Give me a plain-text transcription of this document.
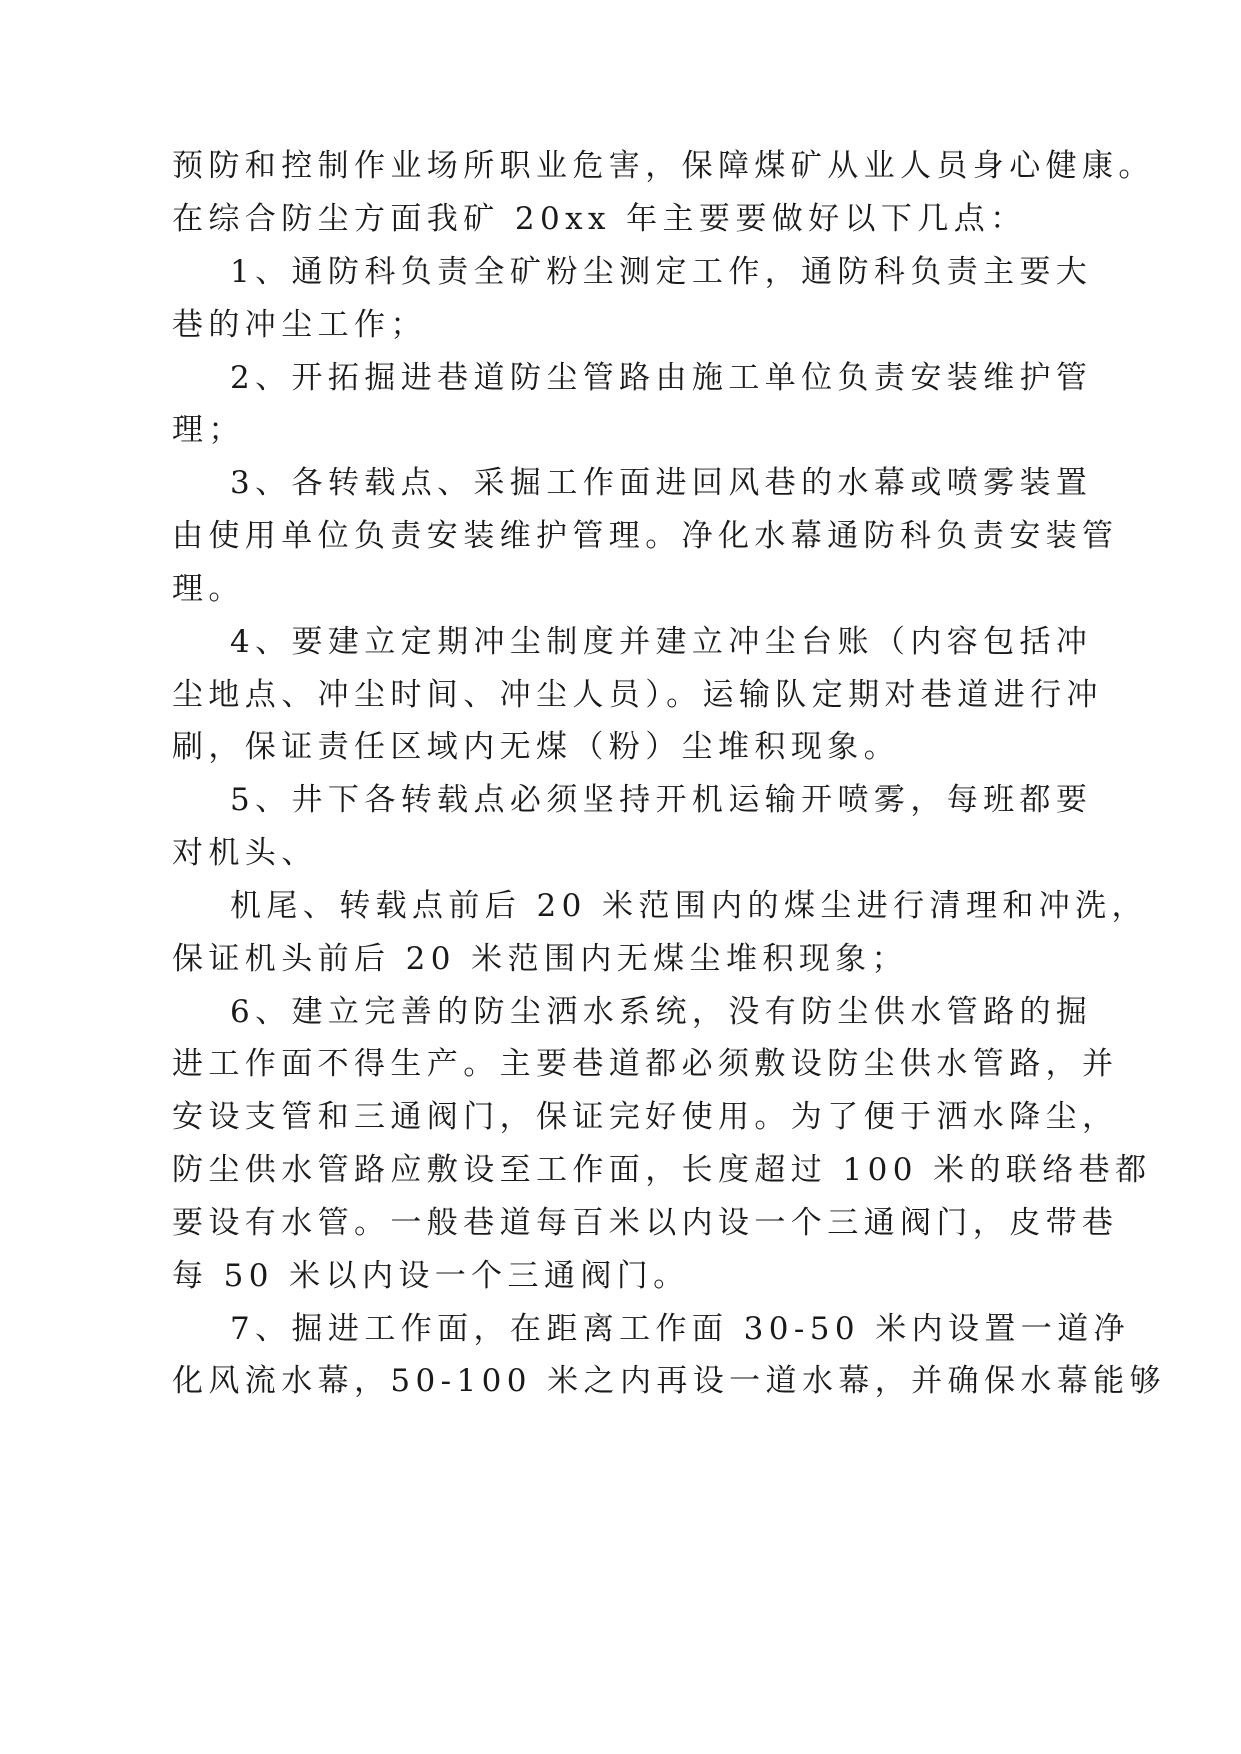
预防和控制作业场所职业危害，保障煤矿从业人员身心健康。
在综合防尘方面我矿 20xx 年主要要做好以下几点：
1、通防科负责全矿粉尘测定工作，通防科负责主要大
巷的冲尘工作；
2、开拓掘进巷道防尘管路由施工单位负责安装维护管
理；
3、各转载点、采掘工作面进回风巷的水幕或喷雾装置
由使用单位负责安装维护管理。净化水幕通防科负责安装管
理。
4、要建立定期冲尘制度并建立冲尘台账（内容包括冲
尘地点、冲尘时间、冲尘人员）。运输队定期对巷道进行冲
刷，保证责任区域内无煤（粉）尘堆积现象。
5、井下各转载点必须坚持开机运输开喷雾，每班都要
对机头、
机尾、转载点前后 20 米范围内的煤尘进行清理和冲洗，
保证机头前后 20 米范围内无煤尘堆积现象；
6、建立完善的防尘洒水系统，没有防尘供水管路的掘
进工作面不得生产。主要巷道都必须敷设防尘供水管路，并
安设支管和三通阀门，保证完好使用。为了便于洒水降尘，
防尘供水管路应敷设至工作面，长度超过 100 米的联络巷都
要设有水管。一般巷道每百米以内设一个三通阀门，皮带巷
每 50 米以内设一个三通阀门。
7、掘进工作面，在距离工作面 30-50 米内设置一道净
化风流水幕，50-100 米之内再设一道水幕，并确保水幕能够
